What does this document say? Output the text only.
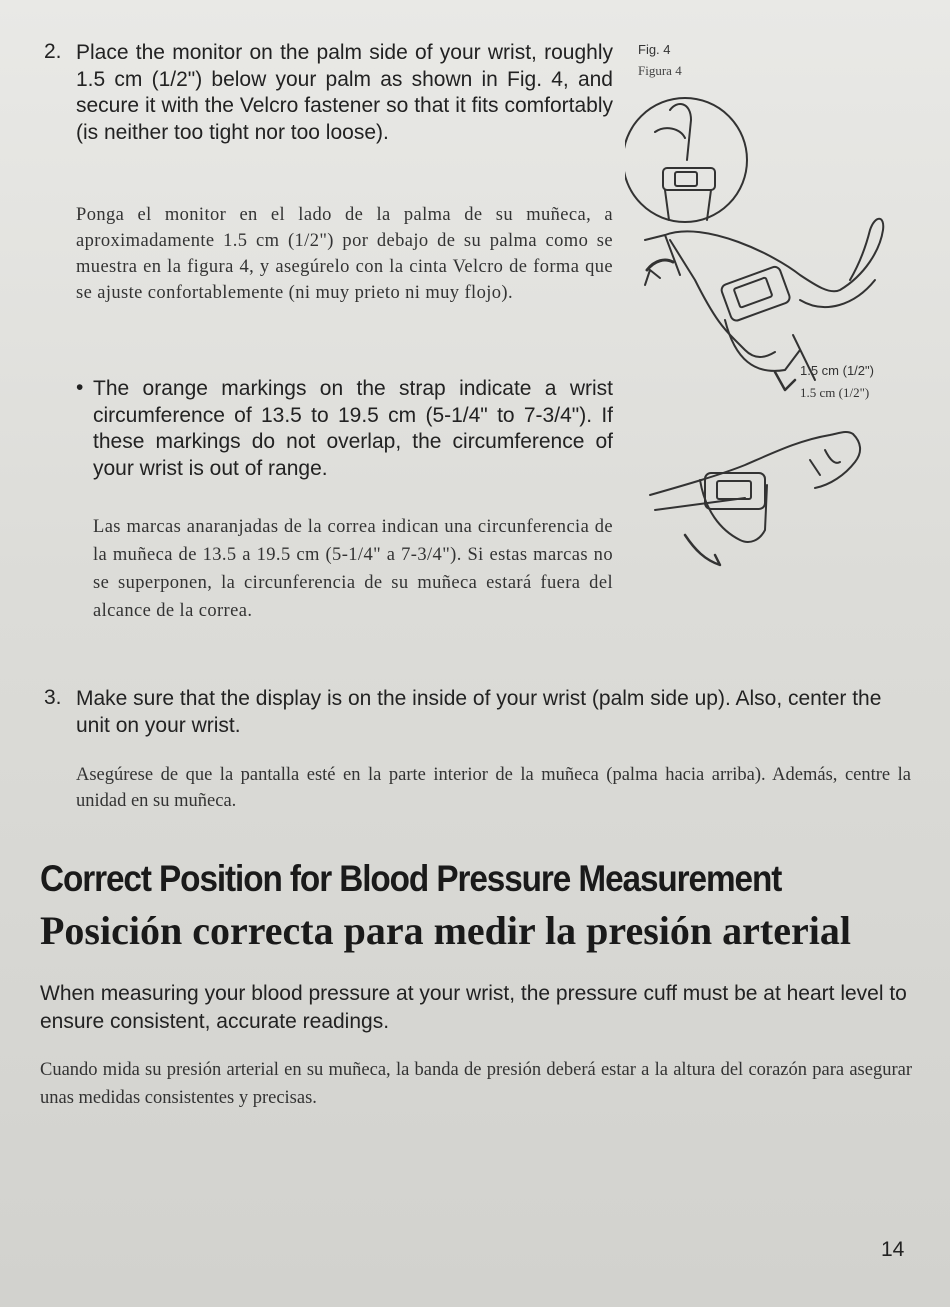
2. Place the monitor on the palm side of your wrist, roughly 1.5 cm (1/2") below your palm as shown in Fig. 4, and secure it with the Velcro fastener so that it fits comfortably (is neither too tight nor too loose).
Ponga el monitor en el lado de la palma de su muñeca, a aproximadamente 1.5 cm (1/2") por debajo de su palma como se muestra en la figura 4, y asegúrelo con la cinta Velcro de forma que se ajuste confortablemente (ni muy prieto ni muy flojo).
• The orange markings on the strap indicate a wrist circumference of 13.5 to 19.5 cm (5-1/4" to 7-3/4"). If these markings do not overlap, the circumference of your wrist is out of range.
Las marcas anaranjadas de la correa indican una circunferencia de la muñeca de 13.5 a 19.5 cm (5-1/4" a 7-3/4"). Si estas marcas no se superponen, la circunferencia de su muñeca estará fuera del alcance de la correa.
Fig. 4
Figura 4
1.5 cm (1/2")
1.5 cm (1/2")
3. Make sure that the display is on the inside of your wrist (palm side up). Also, center the unit on your wrist.
Asegúrese de que la pantalla esté en la parte interior de la muñeca (palma hacia arriba). Además, centre la unidad en su muñeca.
Correct Position for Blood Pressure Measurement
Posición correcta para medir la presión arterial
When measuring your blood pressure at your wrist, the pressure cuff must be at heart level to ensure consistent, accurate readings.
Cuando mida su presión arterial en su muñeca, la banda de presión deberá estar a la altura del corazón para asegurar unas medidas consistentes y precisas.
14
